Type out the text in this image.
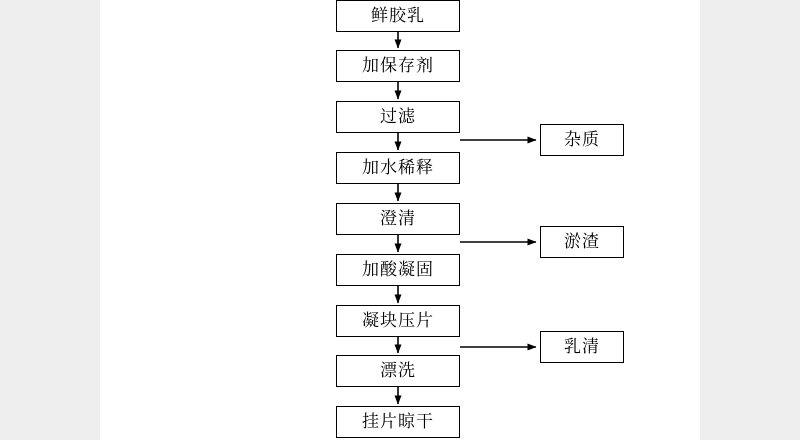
鲜胶乳
加保存剂
过滤
加水稀释
澄清
加酸凝固
凝块压片
漂洗
挂片晾干
杂质
淤渣
乳清
